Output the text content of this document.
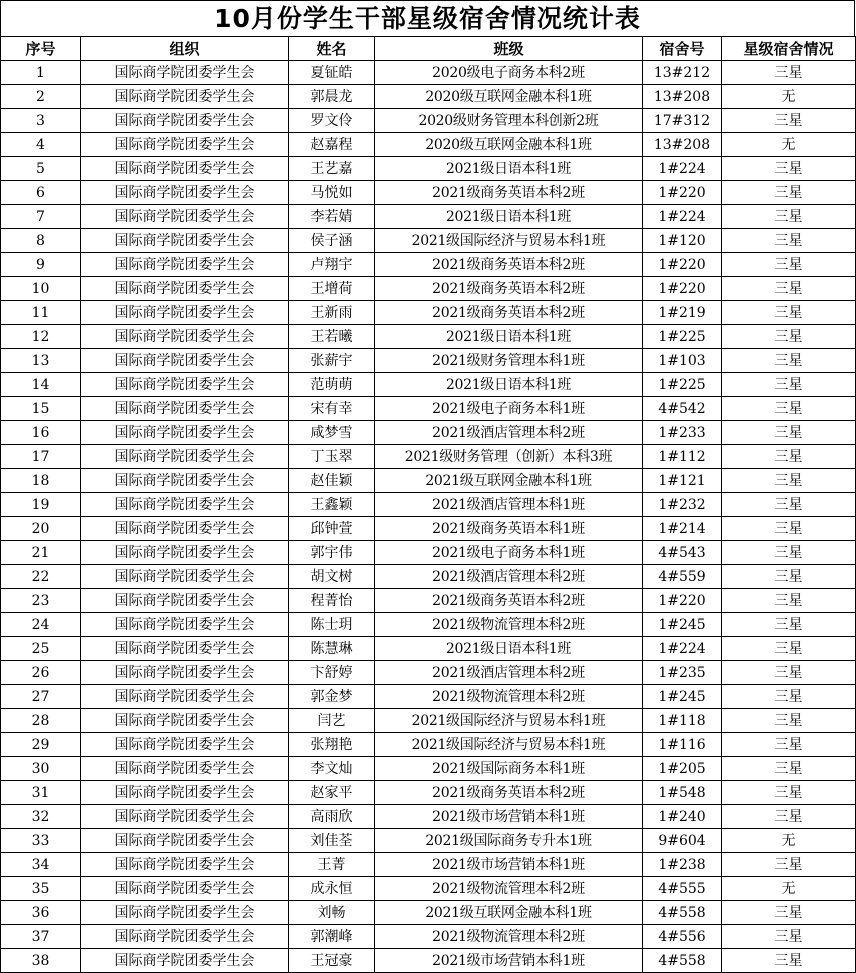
10月份学生干部星级宿舍情况统计表
序号	组织	姓名	班级	宿舍号	星级宿舍情况
1	国际商学院团委学生会	夏钲皓	2020级电子商务本科2班	13#212	三星
2	国际商学院团委学生会	郭晨龙	2020级互联网金融本科1班	13#208	无
3	国际商学院团委学生会	罗文伶	2020级财务管理本科创新2班	17#312	三星
4	国际商学院团委学生会	赵嘉程	2020级互联网金融本科1班	13#208	无
5	国际商学院团委学生会	王艺嘉	2021级日语本科1班	1#224	三星
6	国际商学院团委学生会	马悦如	2021级商务英语本科2班	1#220	三星
7	国际商学院团委学生会	李若婧	2021级日语本科1班	1#224	三星
8	国际商学院团委学生会	侯子涵	2021级国际经济与贸易本科1班	1#120	三星
9	国际商学院团委学生会	卢翔宇	2021级商务英语本科2班	1#220	三星
10	国际商学院团委学生会	王增荷	2021级商务英语本科2班	1#220	三星
11	国际商学院团委学生会	王新雨	2021级商务英语本科2班	1#219	三星
12	国际商学院团委学生会	王若曦	2021级日语本科1班	1#225	三星
13	国际商学院团委学生会	张薪宇	2021级财务管理本科1班	1#103	三星
14	国际商学院团委学生会	范萌萌	2021级日语本科1班	1#225	三星
15	国际商学院团委学生会	宋有幸	2021级电子商务本科1班	4#542	三星
16	国际商学院团委学生会	咸梦雪	2021级酒店管理本科2班	1#233	三星
17	国际商学院团委学生会	丁玉翠	2021级财务管理（创新）本科3班	1#112	三星
18	国际商学院团委学生会	赵佳颖	2021级互联网金融本科1班	1#121	三星
19	国际商学院团委学生会	王鑫颖	2021级酒店管理本科1班	1#232	三星
20	国际商学院团委学生会	邱钟萱	2021级商务英语本科1班	1#214	三星
21	国际商学院团委学生会	郭宇伟	2021级电子商务本科1班	4#543	三星
22	国际商学院团委学生会	胡文树	2021级酒店管理本科2班	4#559	三星
23	国际商学院团委学生会	程菁怡	2021级商务英语本科2班	1#220	三星
24	国际商学院团委学生会	陈士玥	2021级物流管理本科2班	1#245	三星
25	国际商学院团委学生会	陈慧琳	2021级日语本科1班	1#224	三星
26	国际商学院团委学生会	卞舒婷	2021级酒店管理本科2班	1#235	三星
27	国际商学院团委学生会	郭金梦	2021级物流管理本科2班	1#245	三星
28	国际商学院团委学生会	闫艺	2021级国际经济与贸易本科1班	1#118	三星
29	国际商学院团委学生会	张翔艳	2021级国际经济与贸易本科1班	1#116	三星
30	国际商学院团委学生会	李文灿	2021级国际商务本科1班	1#205	三星
31	国际商学院团委学生会	赵家平	2021级商务英语本科2班	1#548	三星
32	国际商学院团委学生会	高雨欣	2021级市场营销本科1班	1#240	三星
33	国际商学院团委学生会	刘佳荃	2021级国际商务专升本1班	9#604	无
34	国际商学院团委学生会	王菁	2021级市场营销本科1班	1#238	三星
35	国际商学院团委学生会	成永恒	2021级物流管理本科2班	4#555	无
36	国际商学院团委学生会	刘畅	2021级互联网金融本科1班	4#558	三星
37	国际商学院团委学生会	郭潮峰	2021级物流管理本科2班	4#556	三星
38	国际商学院团委学生会	王冠豪	2021级市场营销本科1班	4#558	三星
